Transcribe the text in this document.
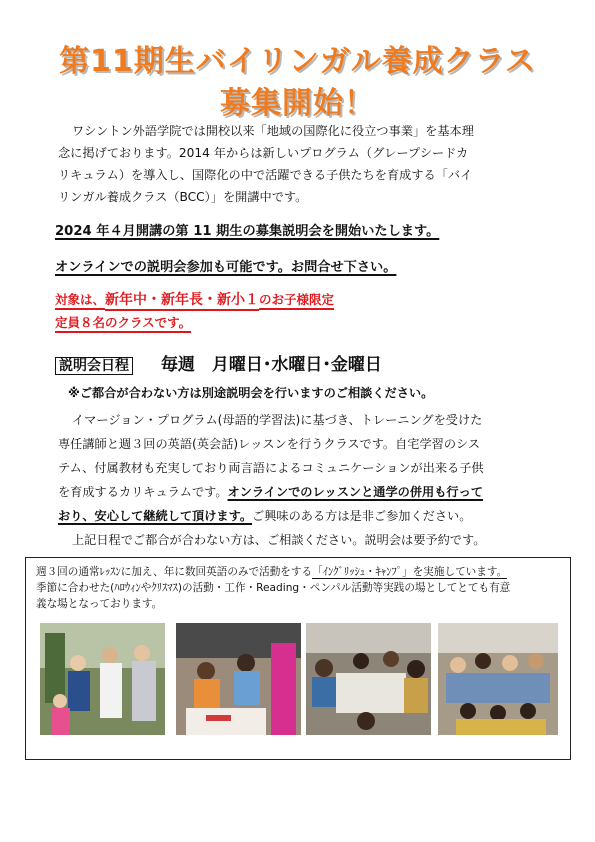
第11期生バイリンガル養成クラス
募集開始！
ワシントン外語学院では開校以来「地域の国際化に役立つ事業」を基本理
念に掲げております。2014 年からは新しいプログラム（グレープシードカ
リキュラム）を導入し、国際化の中で活躍できる子供たちを育成する「バイ
リンガル養成クラス（BCC）」を開講中です。
2024 年４月開講の第 11 期生の募集説明会を開始いたします。
オンラインでの説明会参加も可能です。お問合せ下さい。
対象は、新年中・新年長・新小１のお子様限定
定員８名のクラスです。
説明会日程 毎週　月曜日･水曜日･金曜日
※ご都合が合わない方は別途説明会を行いますのご相談ください。
イマージョン・プログラム(母語的学習法)に基づき、トレーニングを受けた
専任講師と週３回の英語(英会話)レッスンを行うクラスです。自宅学習のシス
テム、付属教材も充実しており両言語によるコミュニケーションが出来る子供
を育成するカリキュラムです。オンラインでのレッスンと通学の併用も行って
おり、安心して継続して頂けます。ご興味のある方は是非ご参加ください。
上記日程でご都合が合わない方は、ご相談ください。説明会は要予約です。
週３回の通常ﾚｯｽﾝに加え、年に数回英語のみで活動をする「ｲﾝｸﾞﾘｯｼｭ・ｷｬﾝﾌﾟ」を実施しています。
季節に合わせた(ﾊﾛｳｨﾝやｸﾘｽﾏｽ)の活動・工作・Reading・ペンパル活動等実践の場としてとても有意
義な場となっております。
